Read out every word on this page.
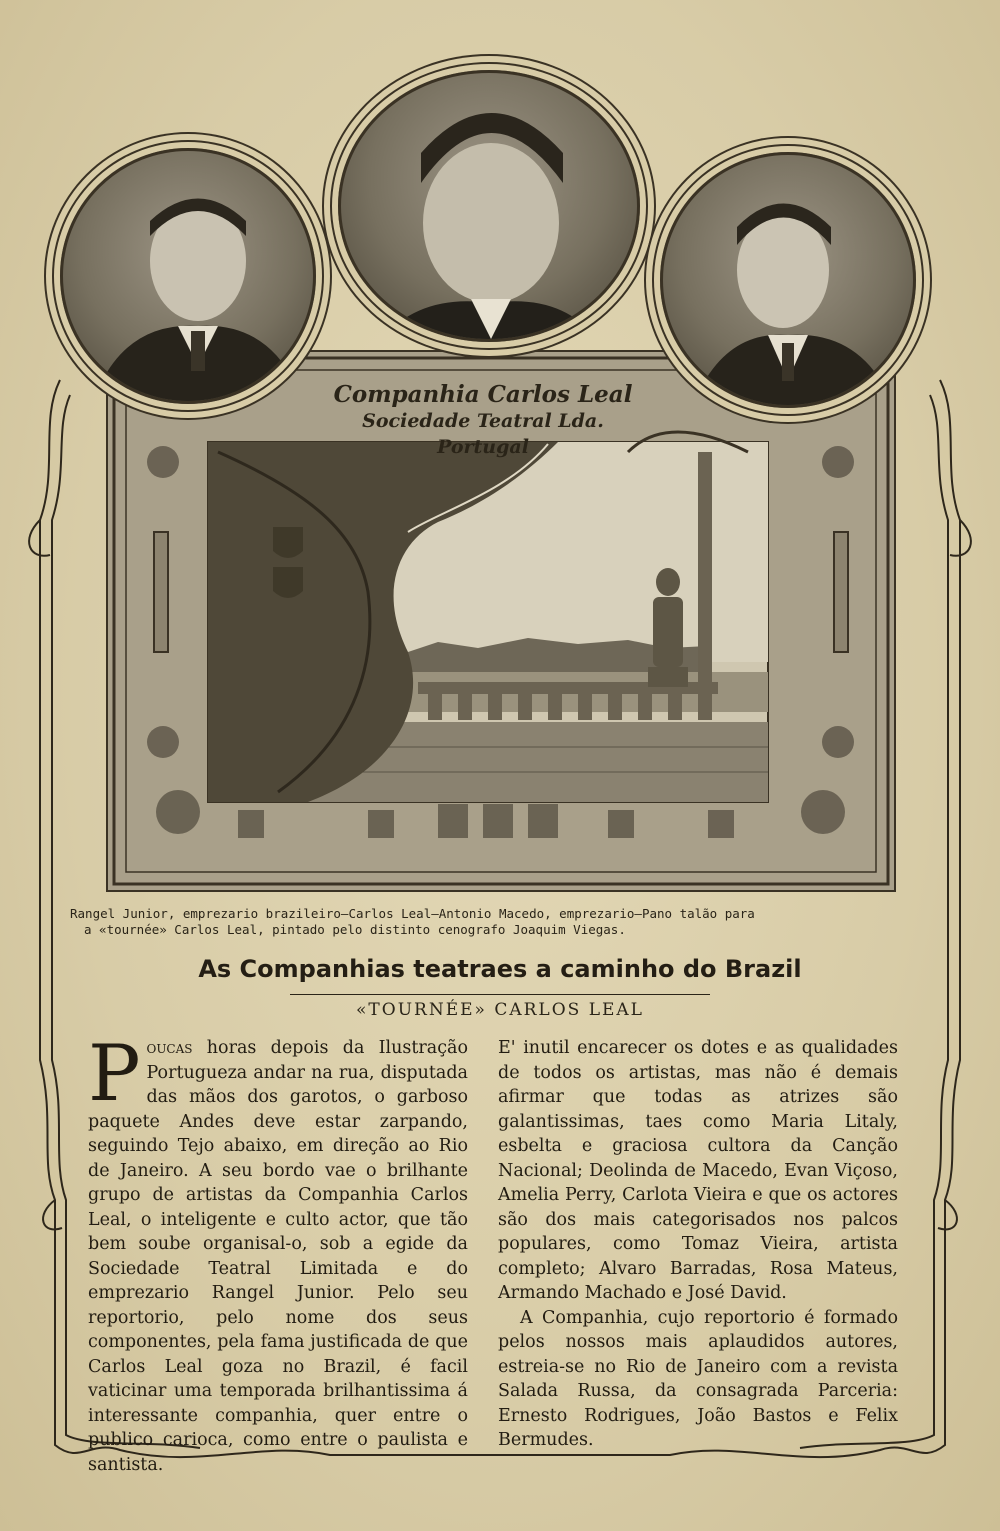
Companhia Carlos Leal
Sociedade Teatral Lda. Portugal
Rangel Junior, emprezario brazileiro—Carlos Leal—Antonio Macedo, emprezario—Pano talão para
a «tournée» Carlos Leal, pintado pelo distinto cenografo Joaquim Viegas.
As Companhias teatraes a caminho do Brazil
«TOURNÉE» CARLOS LEAL

Poucas horas depois da Ilustração Portugueza andar na rua, disputada das mãos dos garotos, o garboso paquete Andes deve estar zarpando, seguindo Tejo abaixo, em direção ao Rio de Janeiro. A seu bordo vae o brilhante grupo de artistas da Companhia Carlos Leal, o inteligente e culto actor, que tão bem soube organisal-o, sob a egide da Sociedade Teatral Limitada e do emprezario Rangel Junior. Pelo seu reportorio, pelo nome dos seus componentes, pela fama justificada de que Carlos Leal goza no Brazil, é facil vaticinar uma temporada brilhantissima á interessante companhia, quer entre o publico carioca, como entre o paulista e santista.

E' inutil encarecer os dotes e as qualidades de todos os artistas, mas não é demais afirmar que todas as atrizes são galantissimas, taes como Maria Litaly, esbelta e graciosa cultora da Canção Nacional; Deolinda de Macedo, Evan Viçoso, Amelia Perry, Carlota Vieira e que os actores são dos mais categorisados nos palcos populares, como Tomaz Vieira, artista completo; Alvaro Barradas, Rosa Mateus, Armando Machado e José David.

A Companhia, cujo reportorio é formado pelos nossos mais aplaudidos autores, estreia-se no Rio de Janeiro com a revista Salada Russa, da consagrada Parceria: Ernesto Rodrigues, João Bastos e Felix Bermudes.
